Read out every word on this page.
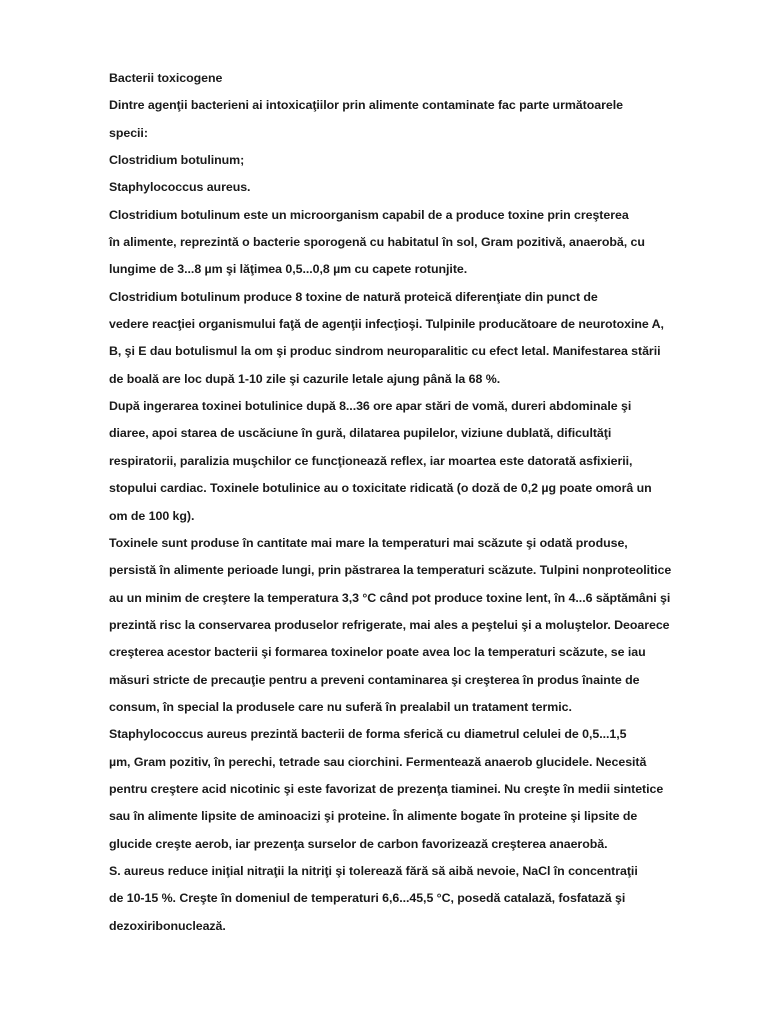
Bacterii toxicogene
Dintre agenţii bacterieni ai intoxicaţiilor prin alimente contaminate fac parte următoarele
specii:
Clostridium botulinum;
Staphylococcus aureus.
Clostridium botulinum este un microorganism capabil de a produce toxine prin creşterea
în alimente, reprezintă o bacterie sporogenă cu habitatul în sol, Gram pozitivă, anaerobă, cu
lungime de 3...8 µm şi lăţimea 0,5...0,8 µm cu capete rotunjite.
Clostridium botulinum produce 8 toxine de natură proteică diferenţiate din punct de
vedere reacţiei organismului faţă de agenţii infecţioşi. Tulpinile producătoare de neurotoxine A,
B, şi E dau botulismul la om şi produc sindrom neuroparalitic cu efect letal. Manifestarea stării
de boală are loc după 1-10 zile şi cazurile letale ajung până la 68 %.
După ingerarea toxinei botulinice după 8...36 ore apar stări de vomă, dureri abdominale şi
diaree, apoi starea de uscăciune în gură, dilatarea pupilelor, viziune dublată, dificultăţi
respiratorii, paralizia muşchilor ce funcţionează reflex, iar moartea este datorată asfixierii,
stopului cardiac. Toxinele botulinice au o toxicitate ridicată (o doză de 0,2 µg poate omorâ un
om de 100 kg).
Toxinele sunt produse în cantitate mai mare la temperaturi mai scăzute şi odată produse,
persistă în alimente perioade lungi, prin păstrarea la temperaturi scăzute. Tulpini nonproteolitice
au un minim de creştere la temperatura 3,3 °C când pot produce toxine lent, în 4...6 săptămâni şi
prezintă risc la conservarea produselor refrigerate, mai ales a peştelui şi a moluştelor. Deoarece
creşterea acestor bacterii şi formarea toxinelor poate avea loc la temperaturi scăzute, se iau
măsuri stricte de precauţie pentru a preveni contaminarea şi creşterea în produs înainte de
consum, în special la produsele care nu suferă în prealabil un tratament termic.
Staphylococcus aureus prezintă bacterii de forma sferică cu diametrul celulei de 0,5...1,5
µm, Gram pozitiv, în perechi, tetrade sau ciorchini. Fermentează anaerob glucidele. Necesită
pentru creştere acid nicotinic şi este favorizat de prezenţa tiaminei. Nu creşte în medii sintetice
sau în alimente lipsite de aminoacizi şi proteine. În alimente bogate în proteine şi lipsite de
glucide creşte aerob, iar prezenţa surselor de carbon favorizează creşterea anaerobă.
S. aureus reduce iniţial nitraţii la nitriţi şi tolerează fără să aibă nevoie, NaCl în concentraţii
de 10-15 %. Creşte în domeniul de temperaturi 6,6...45,5 °C, posedă catalază, fosfatază şi
dezoxiribonuclează.
